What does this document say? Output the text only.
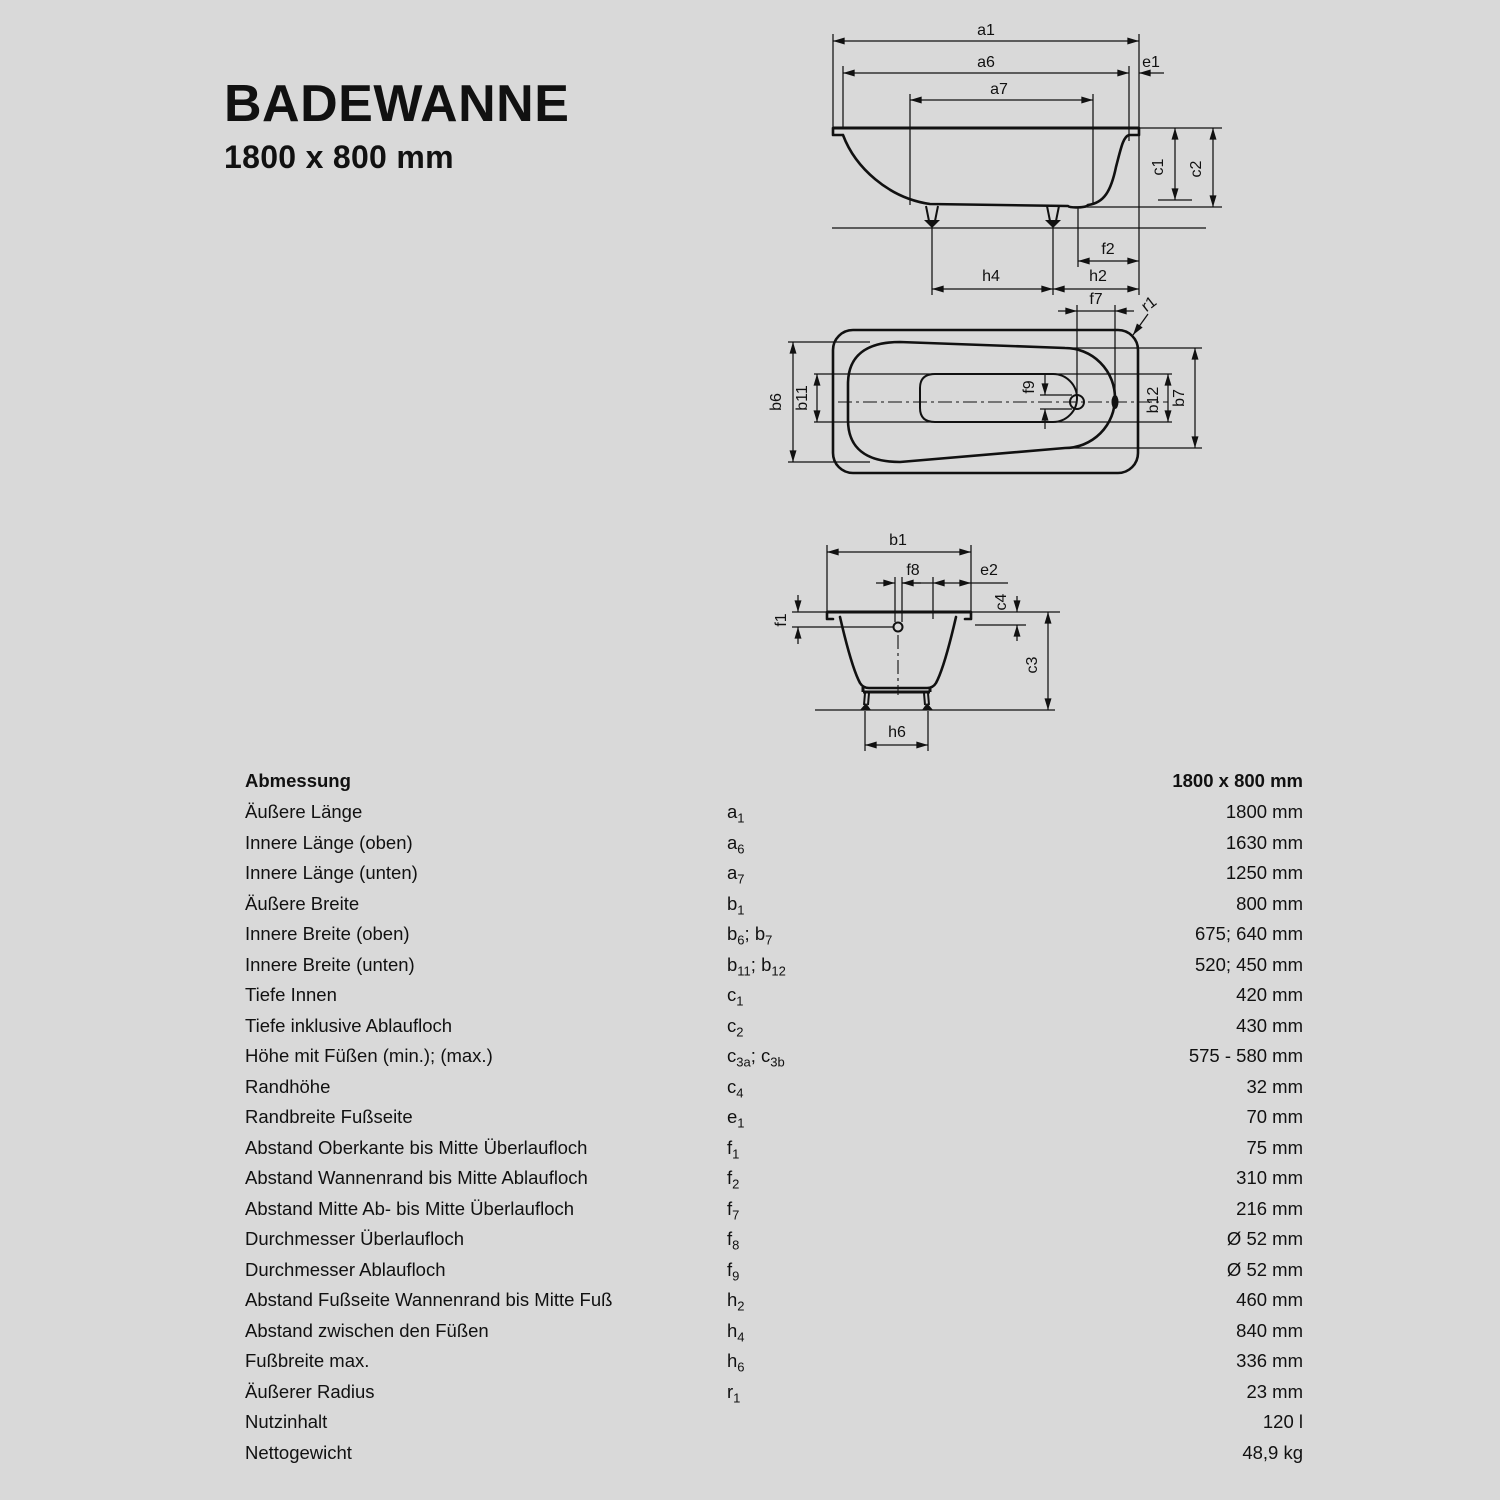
BADEWANNE
1800 x 800 mm
a1
a6	e1
a7
c1 c2
f2
h4	h2
f7 r1
b6 b11	b12 b7
f9
b1
f8	e2
f1
c4
c3
h6
Abmessung	1800 x 800 mm
Äußere Länge	$a_1$	1800 mm
Innere Länge (oben)	$a_6$	1630 mm
Innere Länge (unten)	$a_7$	1250 mm
Äußere Breite	$b_1$	800 mm
Innere Breite (oben)	$b_6$; $b_7$	675; 640 mm
Innere Breite (unten)	$b_{11}$; $b_{12}$	520; 450 mm
Tiefe Innen	$c_1$	420 mm
Tiefe inklusive Ablaufloch	$c_2$	430 mm
Höhe mit Füßen (min.); (max.)	$c_{3a}$; $c_{3b}$	575 - 580 mm
Randhöhe	$c_4$	32 mm
Randbreite Fußseite	$e_1$	70 mm
Abstand Oberkante bis Mitte Überlaufloch	$f_1$	75 mm
Abstand Wannenrand bis Mitte Ablaufloch	$f_2$	310 mm
Abstand Mitte Ab- bis Mitte Überlaufloch	$f_7$	216 mm
Durchmesser Überlaufloch	$f_8$	Ø 52 mm
Durchmesser Ablaufloch	$f_9$	Ø 52 mm
Abstand Fußseite Wannenrand bis Mitte Fuß	$h_2$	460 mm
Abstand zwischen den Füßen	$h_4$	840 mm
Fußbreite max.	$h_6$	336 mm
Äußerer Radius	$r_1$	23 mm
Nutzinhalt	120 l
Nettogewicht	48,9 kg
